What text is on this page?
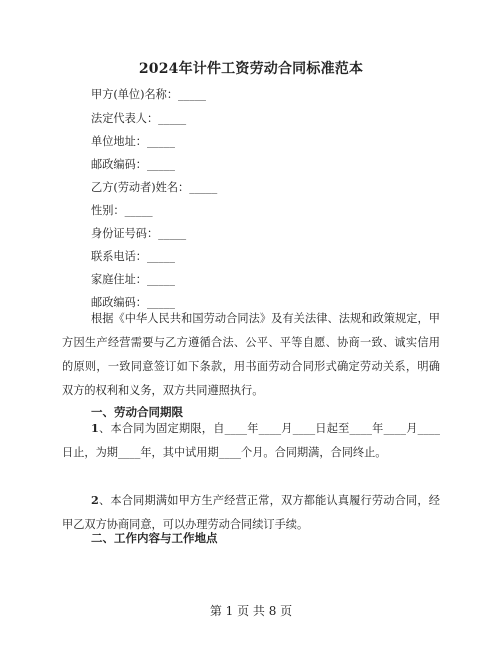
2024年计件工资劳动合同标准范本
甲方(单位)名称：_____
法定代表人：_____
单位地址：_____
邮政编码：_____
乙方(劳动者)姓名：_____
性别：_____
身份证号码：_____
联系电话：_____
家庭住址：_____
邮政编码：_____
根据《中华人民共和国劳动合同法》及有关法律、法规和政策规定，甲方因生产经营需要与乙方遵循合法、公平、平等自愿、协商一致、诚实信用的原则，一致同意签订如下条款，用书面劳动合同形式确定劳动关系，明确双方的权利和义务，双方共同遵照执行。
一、劳动合同期限
1、本合同为固定期限，自____年____月____日起至____年____月____日止，为期____年，其中试用期____个月。合同期满，合同终止。
2、本合同期满如甲方生产经营正常，双方都能认真履行劳动合同，经甲乙双方协商同意，可以办理劳动合同续订手续。
二、工作内容与工作地点
第 1 页 共 8 页
